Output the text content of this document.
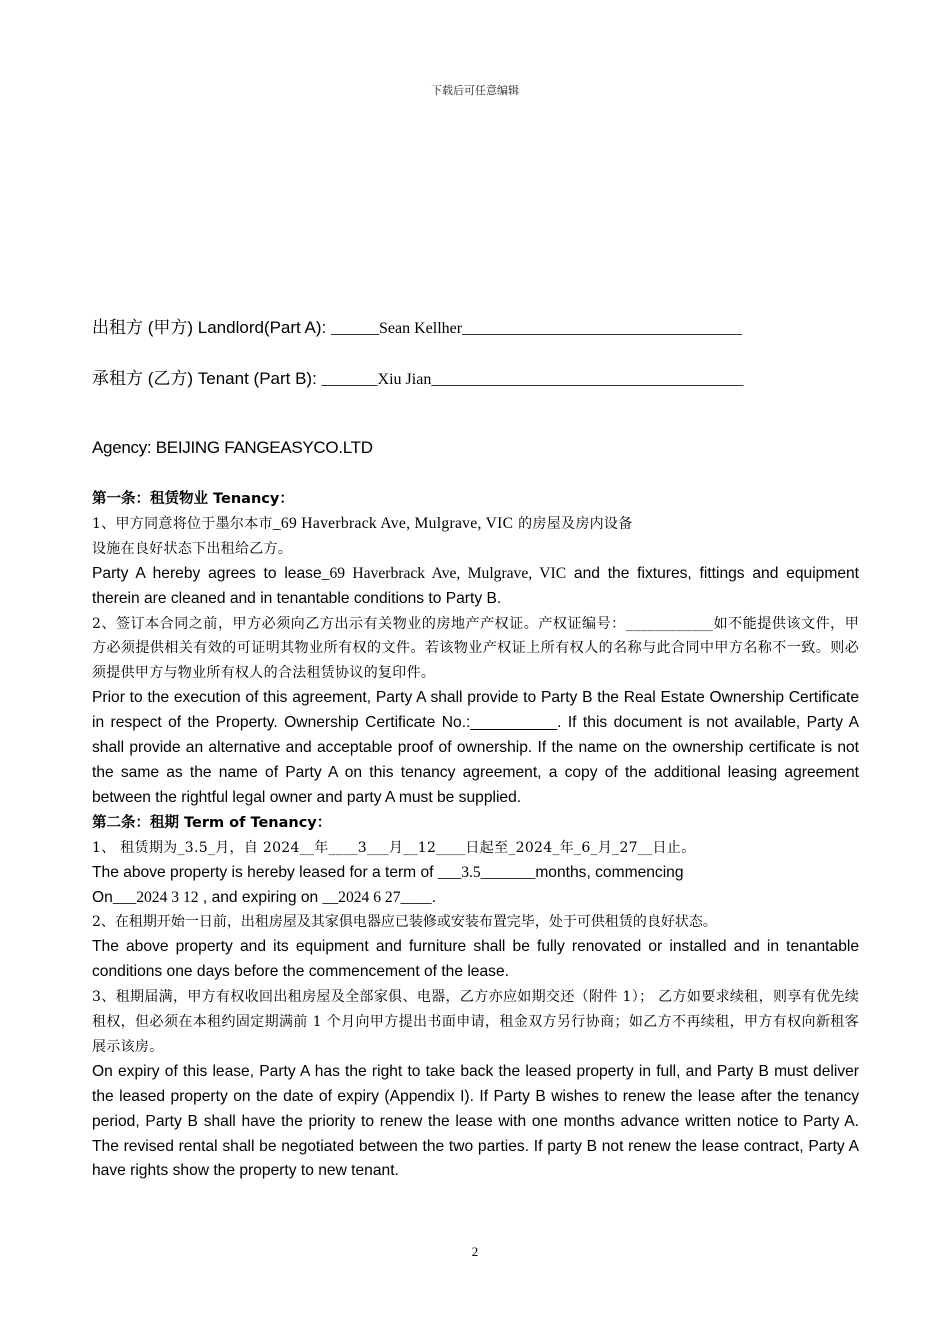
下载后可任意编辑
出租方 (甲方) Landlord(Part A): ______Sean Kellher___________________________________
承租方 (乙方) Tenant (Part B): _______Xiu Jian_______________________________________
Agency: BEIJING FANGEASYCO.LTD

第一条：租赁物业 Tenancy：

1、甲方同意将位于墨尔本市_69 Haverbrack Ave, Mulgrave, VIC 的房屋及房内设备
设施在良好状态下出租给乙方。

Party A hereby agrees to lease_69 Haverbrack Ave, Mulgrave, VIC and the fixtures, fittings and equipment therein are cleaned and in tenantable conditions to Party B.

2、签订本合同之前，甲方必须向乙方出示有关物业的房地产产权证。产权证编号：____________如不能提供该文件，甲方必须提供相关有效的可证明其物业所有权的文件。若该物业产权证上所有权人的名称与此合同中甲方名称不一致。则必须提供甲方与物业所有权人的合法租赁协议的复印件。

Prior to the execution of this agreement, Party A shall provide to Party B the Real Estate Ownership Certificate in respect of the Property. Ownership Certificate No.:__________. If this document is not available, Party A shall provide an alternative and acceptable proof of ownership. If the name on the ownership certificate is not the same as the name of Party A on this tenancy agreement, a copy of the additional leasing agreement between the rightful legal owner and party A must be supplied.

第二条：租期 Term of Tenancy：

1、 租赁期为_3.5_月，自 2024__年____3___月__12____日起至_2024_年_6_月_27__日止。

The above property is hereby leased for a term of ___3.5_______months, commencing
On___2024 3 12 , and expiring on __2024 6 27____.

2、在租期开始一日前，出租房屋及其家俱电器应已装修或安装布置完毕，处于可供租赁的良好状态。

The above property and its equipment and furniture shall be fully renovated or installed and in tenantable conditions one days before the commencement of the lease.

3、租期届满，甲方有权收回出租房屋及全部家俱、电器，乙方亦应如期交还（附件 1）； 乙方如要求续租，则享有优先续租权，但必须在本租约固定期满前 1 个月向甲方提出书面申请，租金双方另行协商；如乙方不再续租，甲方有权向新租客展示该房。

On expiry of this lease, Party A has the right to take back the leased property in full, and Party B must deliver the leased property on the date of expiry (Appendix I). If Party B wishes to renew the lease after the tenancy period, Party B shall have the priority to renew the lease with one months advance written notice to Party A. The revised rental shall be negotiated between the two parties. If party B not renew the lease contract, Party A have rights show the property to new tenant.

2
